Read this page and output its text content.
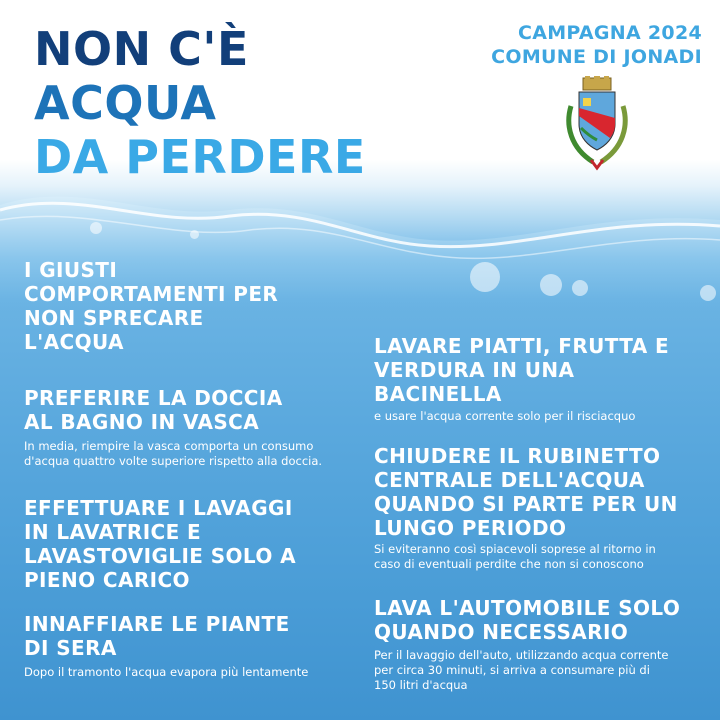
NON C'È
ACQUA
DA PERDERE
CAMPAGNA 2024
COMUNE DI JONADI
I GIUSTI
COMPORTAMENTI PER
NON SPRECARE
L'ACQUA
PREFERIRE LA DOCCIA
AL BAGNO IN VASCA
In media, riempire la vasca comporta un consumo
d'acqua quattro volte superiore rispetto alla doccia.
EFFETTUARE I LAVAGGI
IN LAVATRICE E
LAVASTOVIGLIE SOLO A
PIENO CARICO
INNAFFIARE LE PIANTE
DI SERA
Dopo il tramonto l'acqua evapora più lentamente
LAVARE PIATTI, FRUTTA E
VERDURA IN UNA
BACINELLA
e usare l'acqua corrente solo per il risciacquo
CHIUDERE IL RUBINETTO
CENTRALE DELL'ACQUA
QUANDO SI PARTE PER UN
LUNGO PERIODO
Si eviteranno così spiacevoli soprese al ritorno in
caso di eventuali perdite che non si conoscono
LAVA L'AUTOMOBILE SOLO
QUANDO NECESSARIO
Per il lavaggio dell'auto, utilizzando acqua corrente
per circa 30 minuti, si arriva a consumare più di
150 litri d'acqua
